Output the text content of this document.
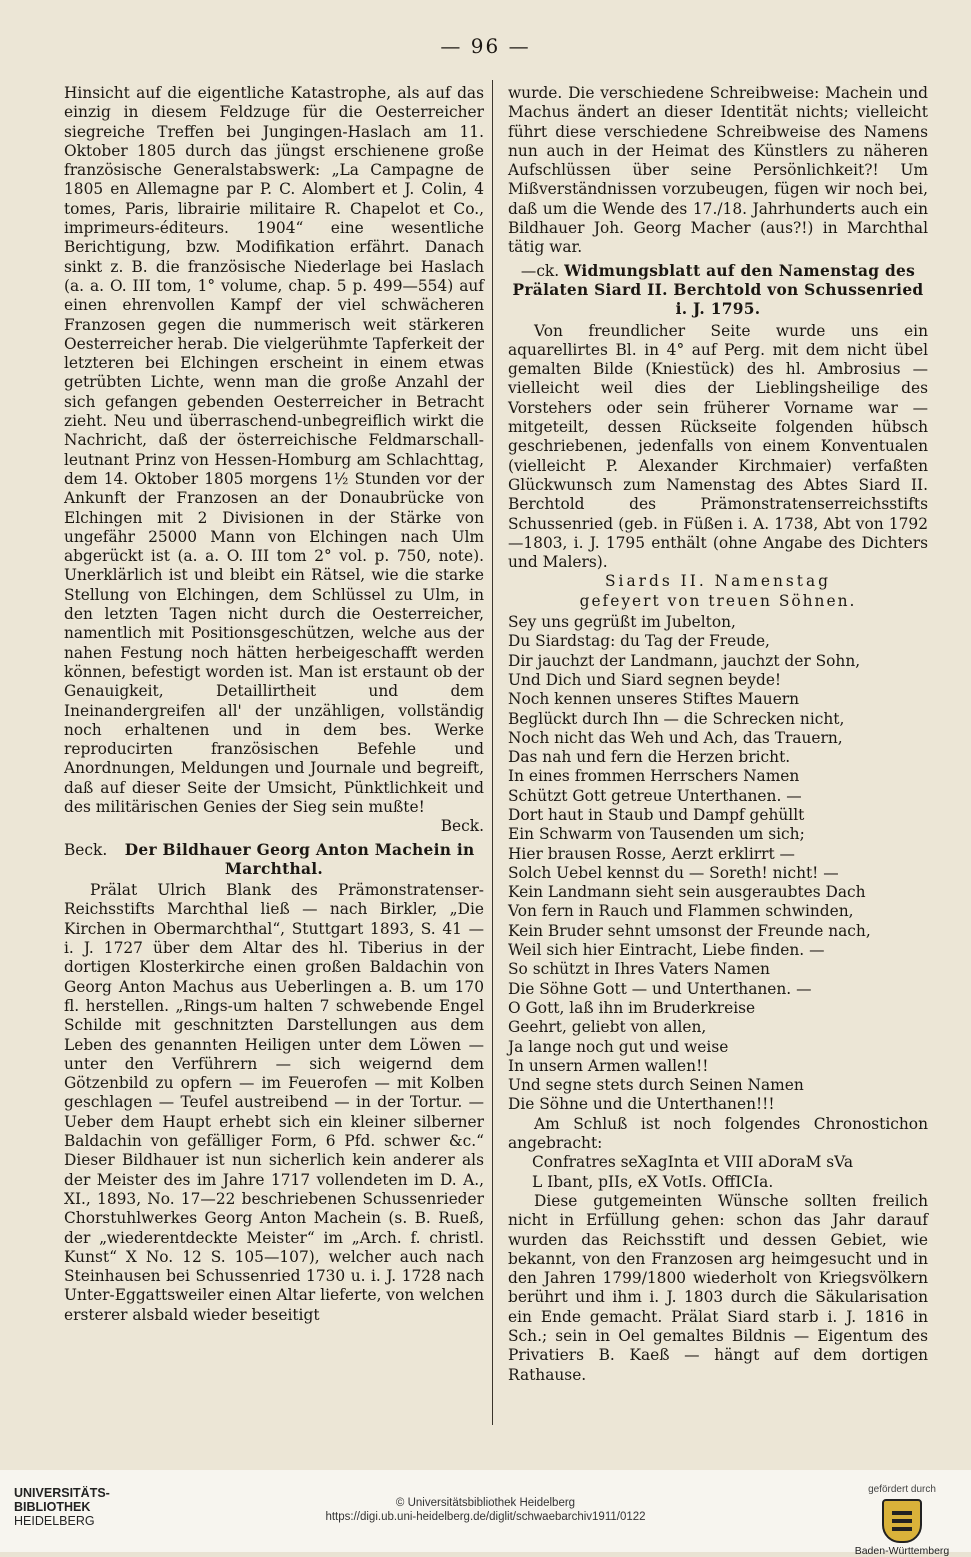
— 96 —

Hinsicht auf die eigentliche Katastrophe, als auf das einzig in diesem Feldzuge für die Oesterreicher siegreiche Treffen bei Jungingen-Haslach am 11. Oktober 1805 durch das jüngst erschienene große französische Generalstabswerk: „La Campagne de 1805 en Allemagne par P. C. Alombert et J. Colin, 4 tomes, Paris, librairie militaire R. Chapelot et Co., imprimeurs-éditeurs. 1904“ eine wesentliche Berichtigung, bzw. Modifikation erfährt. Danach sinkt z. B. die französische Niederlage bei Haslach (a. a. O. III tom, 1° volume, chap. 5 p. 499—554) auf einen ehrenvollen Kampf der viel schwächeren Franzosen gegen die nummerisch weit stärkeren Oesterreicher herab. Die vielgerühmte Tapferkeit der letzteren bei Elchingen erscheint in einem etwas getrübten Lichte, wenn man die große Anzahl der sich gefangen gebenden Oesterreicher in Betracht zieht. Neu und überraschend-unbegreiflich wirkt die Nachricht, daß der österreichische Feldmarschall-leutnant Prinz von Hessen-Homburg am Schlachttag, dem 14. Oktober 1805 morgens 1½ Stunden vor der Ankunft der Franzosen an der Donaubrücke von Elchingen mit 2 Divisionen in der Stärke von ungefähr 25000 Mann von Elchingen nach Ulm abgerückt ist (a. a. O. III tom 2° vol. p. 750, note). Unerklärlich ist und bleibt ein Rätsel, wie die starke Stellung von Elchingen, dem Schlüssel zu Ulm, in den letzten Tagen nicht durch die Oesterreicher, namentlich mit Positionsgeschützen, welche aus der nahen Festung noch hätten herbeigeschafft werden können, befestigt worden ist. Man ist erstaunt ob der Genauigkeit, Detaillirtheit und dem Ineinandergreifen all' der unzähligen, vollständig noch erhaltenen und in dem bes. Werke reproducirten französischen Befehle und Anordnungen, Meldungen und Journale und begreift, daß auf dieser Seite der Umsicht, Pünktlichkeit und des militärischen Genies der Sieg sein mußte!

Beck.

Beck. Der Bildhauer Georg Anton Machein in Marchthal.

Prälat Ulrich Blank des Prämonstratenser-Reichsstifts Marchthal ließ — nach Birkler, „Die Kirchen in Obermarchthal“, Stuttgart 1893, S. 41 — i. J. 1727 über dem Altar des hl. Tiberius in der dortigen Klosterkirche einen großen Baldachin von Georg Anton Machus aus Ueberlingen a. B. um 170 fl. herstellen. „Rings-um halten 7 schwebende Engel Schilde mit geschnitzten Darstellungen aus dem Leben des genannten Heiligen unter dem Löwen — unter den Verführern — sich weigernd dem Götzenbild zu opfern — im Feuerofen — mit Kolben geschlagen — Teufel austreibend — in der Tortur. — Ueber dem Haupt erhebt sich ein kleiner silberner Baldachin von gefälliger Form, 6 Pfd. schwer &c.“ Dieser Bildhauer ist nun sicherlich kein anderer als der Meister des im Jahre 1717 vollendeten im D. A., XI., 1893, No. 17—22 beschriebenen Schussenrieder Chorstuhlwerkes Georg Anton Machein (s. B. Rueß, der „wiederentdeckte Meister“ im „Arch. f. christl. Kunst“ X No. 12 S. 105—107), welcher auch nach Steinhausen bei Schussenried 1730 u. i. J. 1728 nach Unter-Eggattsweiler einen Altar lieferte, von welchen ersterer alsbald wieder beseitigt

wurde. Die verschiedene Schreibweise: Machein und Machus ändert an dieser Identität nichts; vielleicht führt diese verschiedene Schreibweise des Namens nun auch in der Heimat des Künstlers zu näheren Aufschlüssen über seine Persönlichkeit?! Um Mißverständnissen vorzubeugen, fügen wir noch bei, daß um die Wende des 17./18. Jahrhunderts auch ein Bildhauer Joh. Georg Macher (aus?!) in Marchthal tätig war.

—ck. Widmungsblatt auf den Namenstag des Prälaten Siard II. Berchtold von Schussenried i. J. 1795.

Von freundlicher Seite wurde uns ein aquarellirtes Bl. in 4° auf Perg. mit dem nicht übel gemalten Bilde (Kniestück) des hl. Ambrosius — vielleicht weil dies der Lieblingsheilige des Vorstehers oder sein früherer Vorname war — mitgeteilt, dessen Rückseite folgenden hübsch geschriebenen, jedenfalls von einem Konventualen (vielleicht P. Alexander Kirchmaier) verfaßten Glückwunsch zum Namenstag des Abtes Siard II. Berchtold des Prämonstratenserreichsstifts Schussenried (geb. in Füßen i. A. 1738, Abt von 1792—1803, i. J. 1795 enthält (ohne Angabe des Dichters und Malers).

Siards II. Namenstag
gefeyert von treuen Söhnen.

Sey uns gegrüßt im Jubelton,

Du Siardstag: du Tag der Freude,

Dir jauchzt der Landmann, jauchzt der Sohn,

Und Dich und Siard segnen beyde!

Noch kennen unseres Stiftes Mauern

Beglückt durch Ihn — die Schrecken nicht,

Noch nicht das Weh und Ach, das Trauern,

Das nah und fern die Herzen bricht.

In eines frommen Herrschers Namen

Schützt Gott getreue Unterthanen. —

Dort haut in Staub und Dampf gehüllt

Ein Schwarm von Tausenden um sich;

Hier brausen Rosse, Aerzt erklirrt —

Solch Uebel kennst du — Soreth! nicht! —

Kein Landmann sieht sein ausgeraubtes Dach

Von fern in Rauch und Flammen schwinden,

Kein Bruder sehnt umsonst der Freunde nach,

Weil sich hier Eintracht, Liebe finden. —

So schützt in Ihres Vaters Namen

Die Söhne Gott — und Unterthanen. —

O Gott, laß ihn im Bruderkreise

Geehrt, geliebt von allen,

Ja lange noch gut und weise

In unsern Armen wallen!!

Und segne stets durch Seinen Namen

Die Söhne und die Unterthanen!!!

Am Schluß ist noch folgendes Chronostichon angebracht:

Confratres seXagInta et VIII aDoraM sVa

L Ibant, pIIs, eX VotIs. OffICIa.

Diese gutgemeinten Wünsche sollten freilich nicht in Erfüllung gehen: schon das Jahr darauf wurden das Reichsstift und dessen Gebiet, wie bekannt, von den Franzosen arg heimgesucht und in den Jahren 1799/1800 wiederholt von Kriegsvölkern berührt und ihm i. J. 1803 durch die Säkularisation ein Ende gemacht. Prälat Siard starb i. J. 1816 in Sch.; sein in Oel gemaltes Bildnis — Eigentum des Privatiers B. Kaeß — hängt auf dem dortigen Rathause.

UNIVERSITÄTS-
BIBLIOTHEK
HEIDELBERG
© Universitätsbibliothek Heidelberg
https://digi.ub.uni-heidelberg.de/diglit/schwaebarchiv1911/0122
gefördert durch
Baden-Württemberg
